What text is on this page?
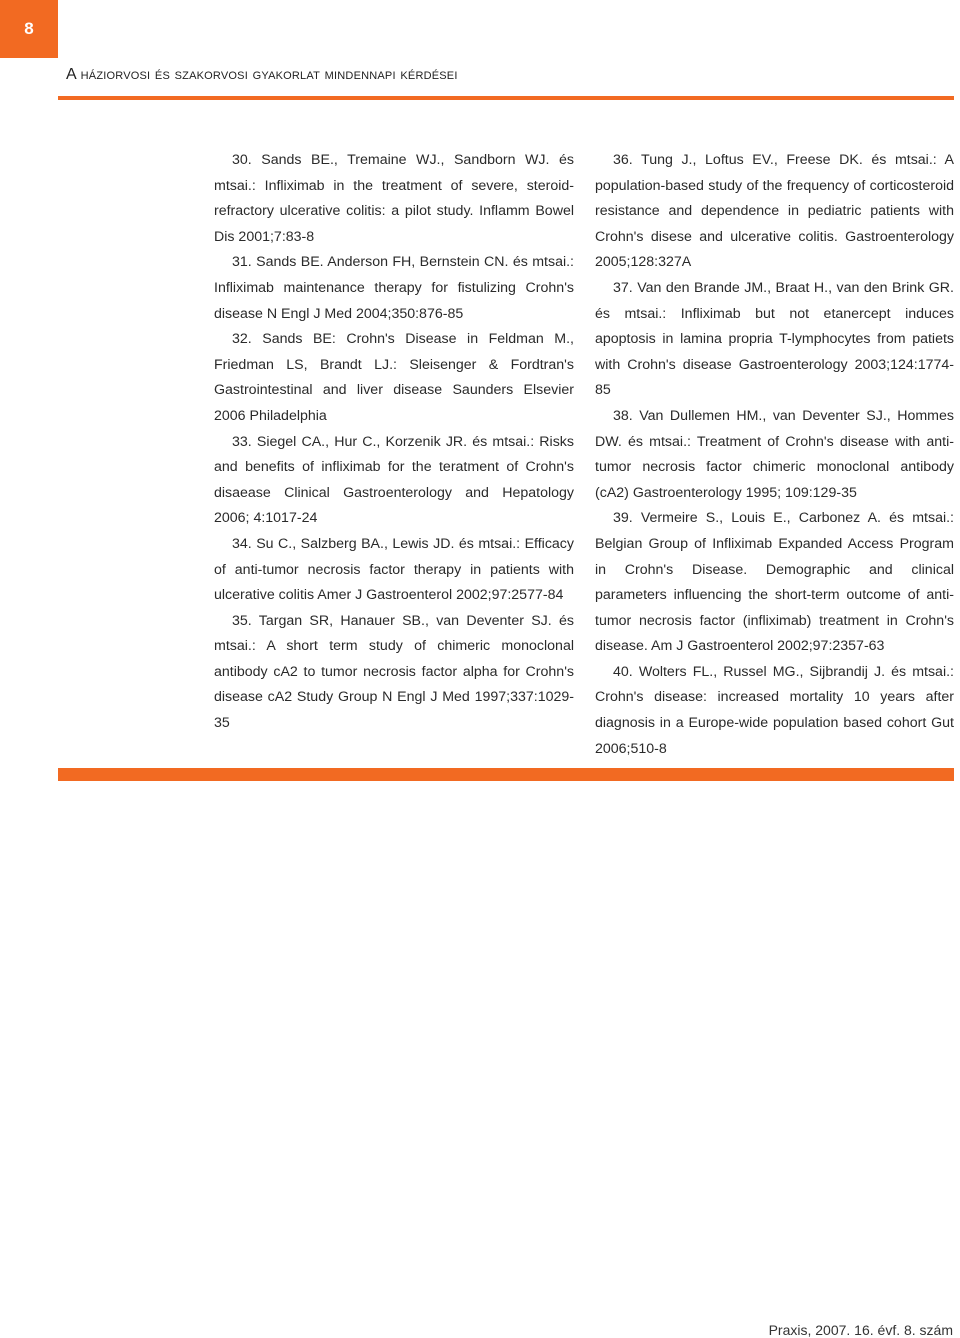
8
A háziorvosi és szakorvosi gyakorlat mindennapi kérdései

30. Sands BE., Tremaine WJ., Sandborn WJ. és mtsai.: Infliximab in the treatment of severe, steroid-refractory ulcerative colitis: a pilot study. Inflamm Bowel Dis 2001;7:83-8

31. Sands BE. Anderson FH, Bernstein CN. és mtsai.: Infliximab maintenance therapy for fistulizing Crohn's disease N Engl J Med 2004;350:876-85

32. Sands BE: Crohn's Disease in Feldman M., Friedman LS, Brandt LJ.: Sleisenger & Fordtran's Gastrointestinal and liver disease Saunders Elsevier 2006 Philadelphia

33. Siegel CA., Hur C., Korzenik JR. és mtsai.: Risks and benefits of infliximab for the teratment of Crohn's disaease Clinical Gastroenterology and Hepatology 2006; 4:1017-24

34. Su C., Salzberg BA., Lewis JD. és mtsai.: Efficacy of anti-tumor necrosis factor therapy in patients with ulcerative colitis Amer J Gastroenterol 2002;97:2577-84

35. Targan SR, Hanauer SB., van Deventer SJ. és mtsai.: A short term study of chimeric monoclonal antibody cA2 to tumor necrosis factor alpha for Crohn's disease cA2 Study Group N Engl J Med 1997;337:1029-35

36. Tung J., Loftus EV., Freese DK. és mtsai.: A population-based study of the frequency of corticosteroid resistance and dependence in pediatric patients with Crohn's disese and ulcerative colitis. Gastroenterology 2005;128:327A

37. Van den Brande JM., Braat H., van den Brink GR. és mtsai.: Infliximab but not etanercept induces apoptosis in lamina propria T-lymphocytes from patiets with Crohn's disease Gastroenterology 2003;124:1774-85

38. Van Dullemen HM., van Deventer SJ., Hommes DW. és mtsai.: Treatment of Crohn's disease with anti-tumor necrosis factor chimeric monoclonal antibody (cA2) Gastroenterology 1995; 109:129-35

39. Vermeire S., Louis E., Carbonez A. és mtsai.: Belgian Group of Infliximab Expanded Access Program in Crohn's Disease. Demographic and clinical parameters influencing the short-term outcome of anti-tumor necrosis factor (infliximab) treatment in Crohn's disease. Am J Gastroenterol 2002;97:2357-63

40. Wolters FL., Russel MG., Sijbrandij J. és mtsai.: Crohn's disease: increased mortality 10 years after diagnosis in a Europe-wide population based cohort Gut 2006;510-8

Praxis, 2007. 16. évf. 8. szám
